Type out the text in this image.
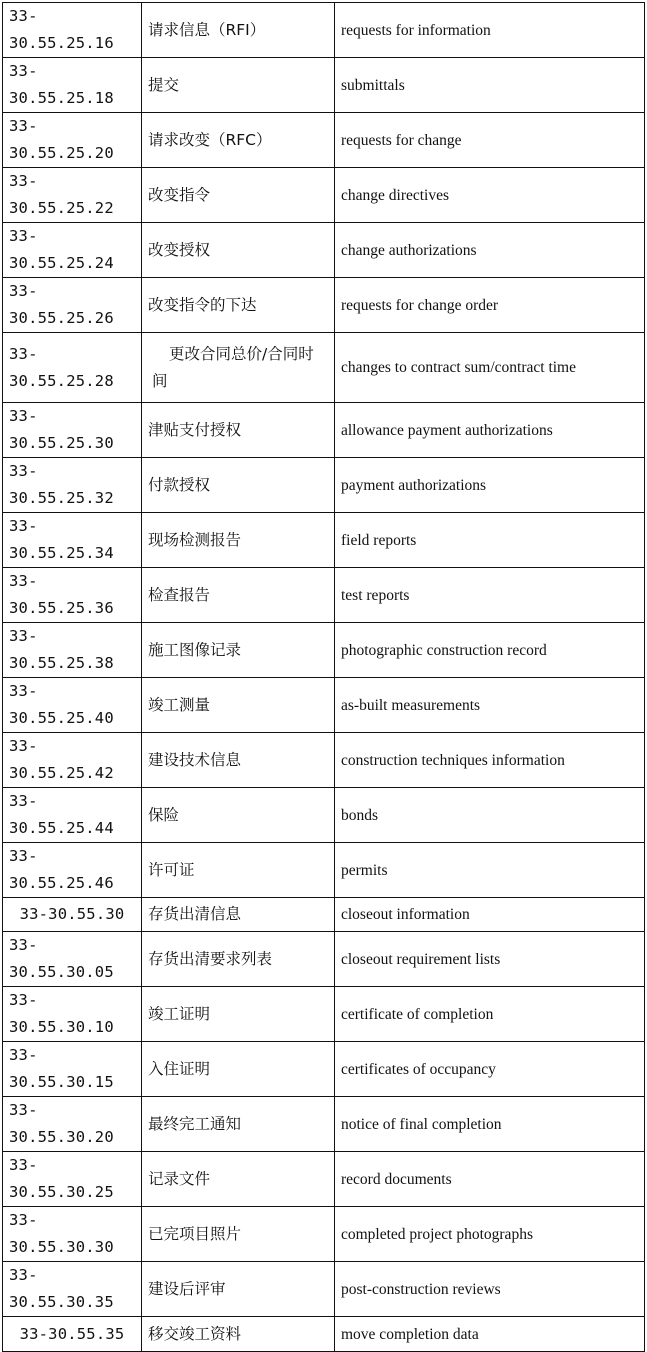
33-30.55.25.16	请求信息（RFI）	requests for information
33-30.55.25.18	提交	submittals
33-30.55.25.20	请求改变（RFC）	requests for change
33-30.55.25.22	改变指令	change directives
33-30.55.25.24	改变授权	change authorizations
33-30.55.25.26	改变指令的下达	requests for change order
33-30.55.25.28	更改合同总价/合同时间	changes to contract sum/contract time
33-30.55.25.30	津贴支付授权	allowance payment authorizations
33-30.55.25.32	付款授权	payment authorizations
33-30.55.25.34	现场检测报告	field reports
33-30.55.25.36	检查报告	test reports
33-30.55.25.38	施工图像记录	photographic construction record
33-30.55.25.40	竣工测量	as-built measurements
33-30.55.25.42	建设技术信息	construction techniques information
33-30.55.25.44	保险	bonds
33-30.55.25.46	许可证	permits
33-30.55.30	存货出清信息	closeout information
33-30.55.30.05	存货出清要求列表	closeout requirement lists
33-30.55.30.10	竣工证明	certificate of completion
33-30.55.30.15	入住证明	certificates of occupancy
33-30.55.30.20	最终完工通知	notice of final completion
33-30.55.30.25	记录文件	record documents
33-30.55.30.30	已完项目照片	completed project photographs
33-30.55.30.35	建设后评审	post-construction reviews
33-30.55.35	移交竣工资料	move completion data
